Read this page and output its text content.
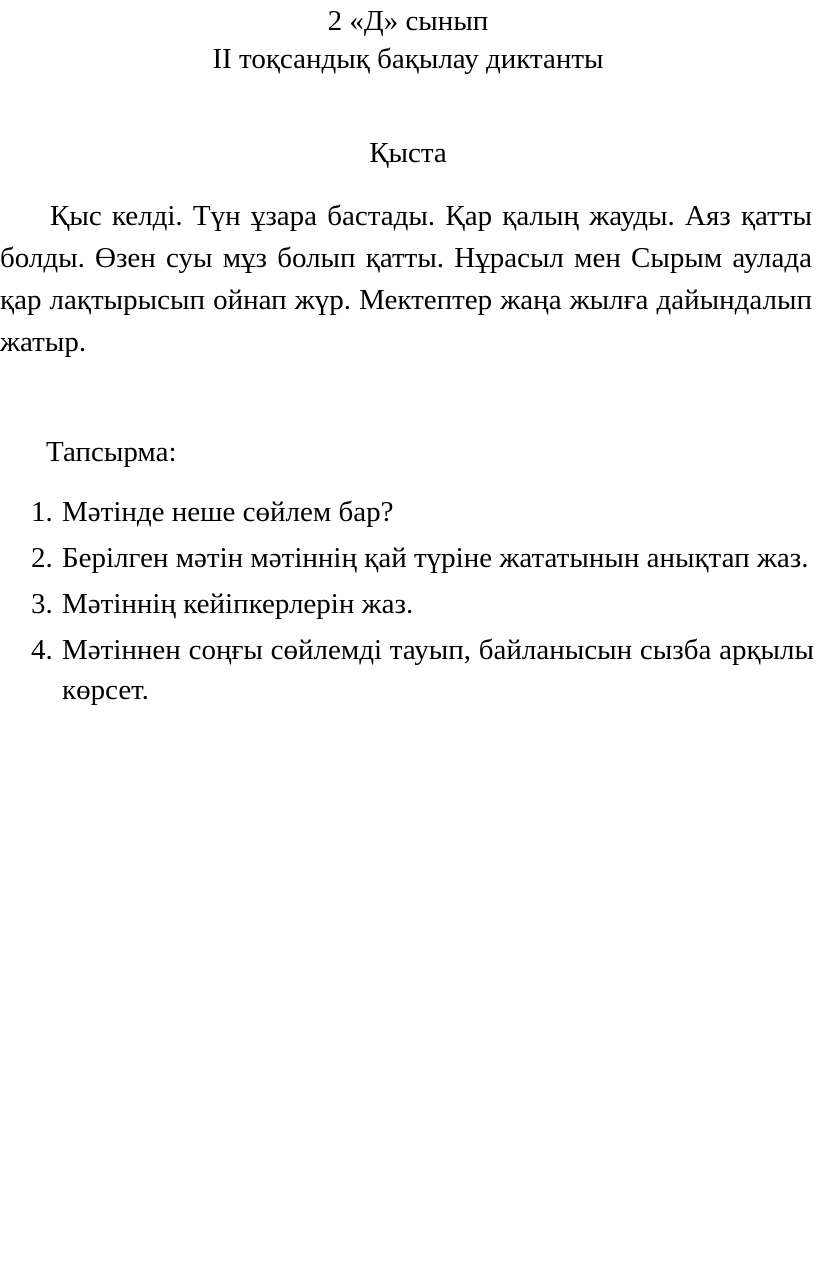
2 «Д» сынып

ІІ тоқсандық бақылау диктанты

Қыста

Қыс келді. Түн ұзара бастады. Қар қалың жауды. Аяз қатты болды. Өзен суы мұз болып қатты. Нұрасыл мен Сырым аулада қар лақтырысып ойнап жүр. Мектептер жаңа жылға дайындалып жатыр.

Тапсырма:

1. Мәтінде неше сөйлем бар?
2. Берілген мәтін мәтіннің қай түріне жататынын анықтап жаз.
3. Мәтіннің кейіпкерлерін жаз.
4. Мәтіннен соңғы сөйлемді тауып, байланысын сызба арқылы көрсет.
